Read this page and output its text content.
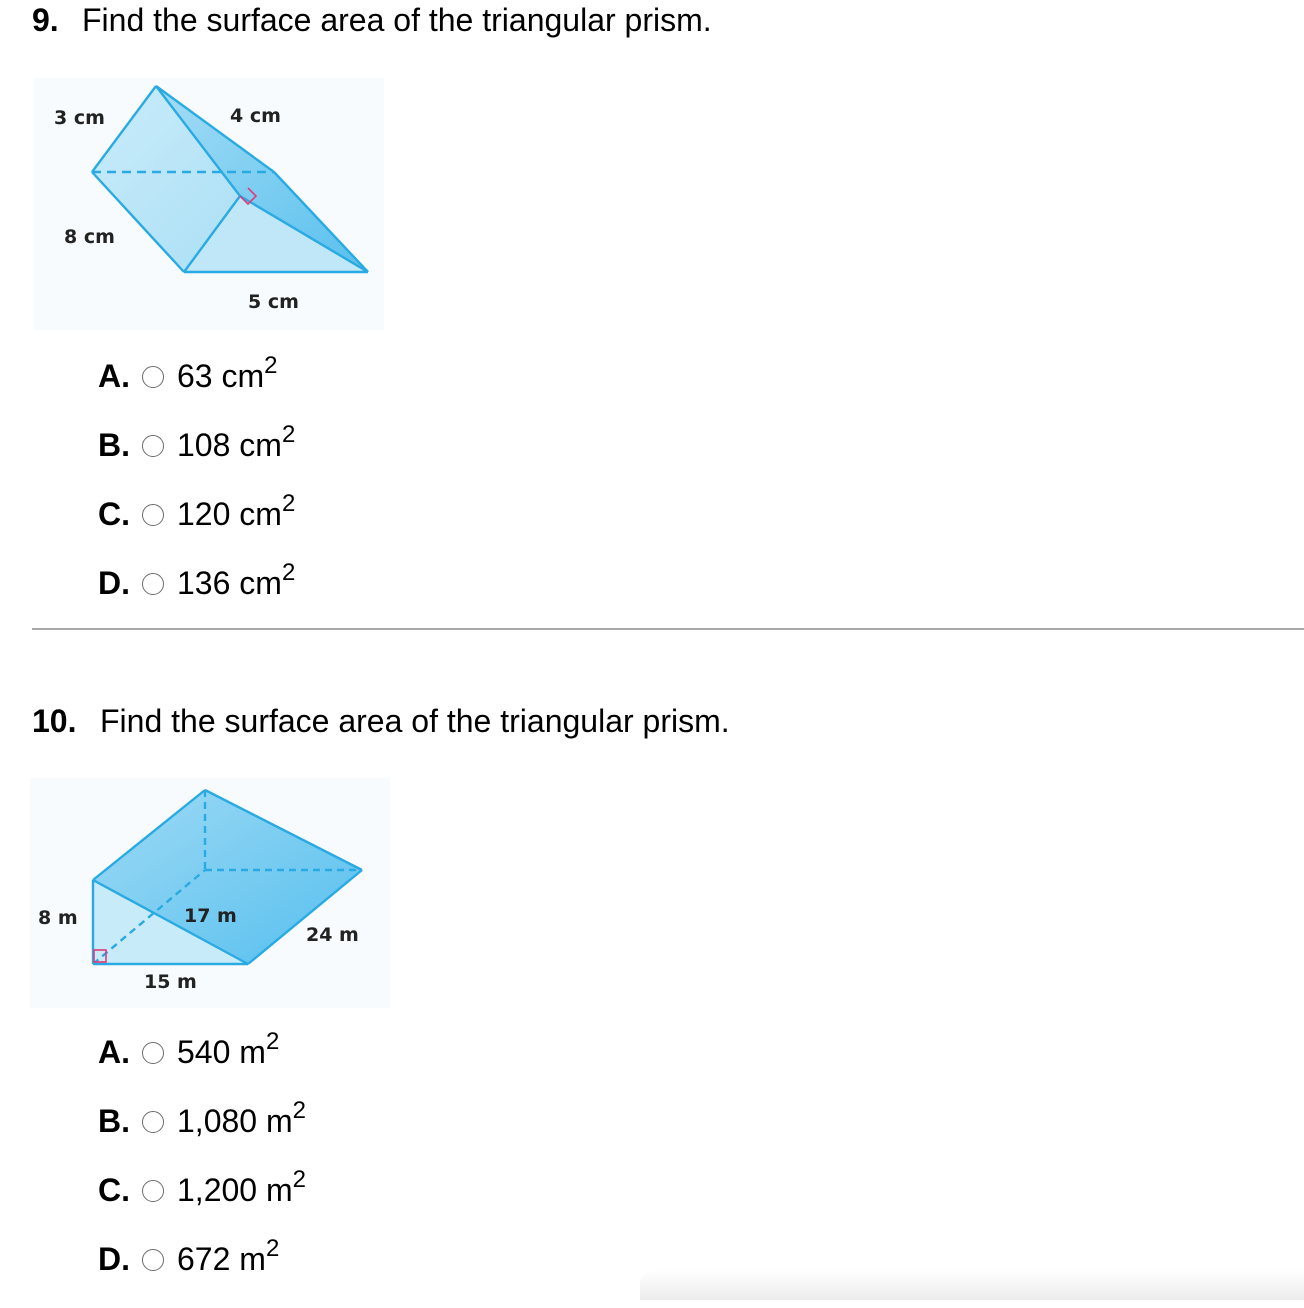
9. Find the surface area of the triangular prism.
3 cm	4 cm
8 cm
5 cm
A.	63 $cm^2$
B.	108 $cm^2$
C.	120 $cm^2$
D.	136 $cm^2$
10. Find the surface area of the triangular prism.
8 m	17 m
24 m
15 m
A.	540 $m^2$
B.	1,080 $m^2$
C.	1,200 $m^2$
D.	672 $m^2$
